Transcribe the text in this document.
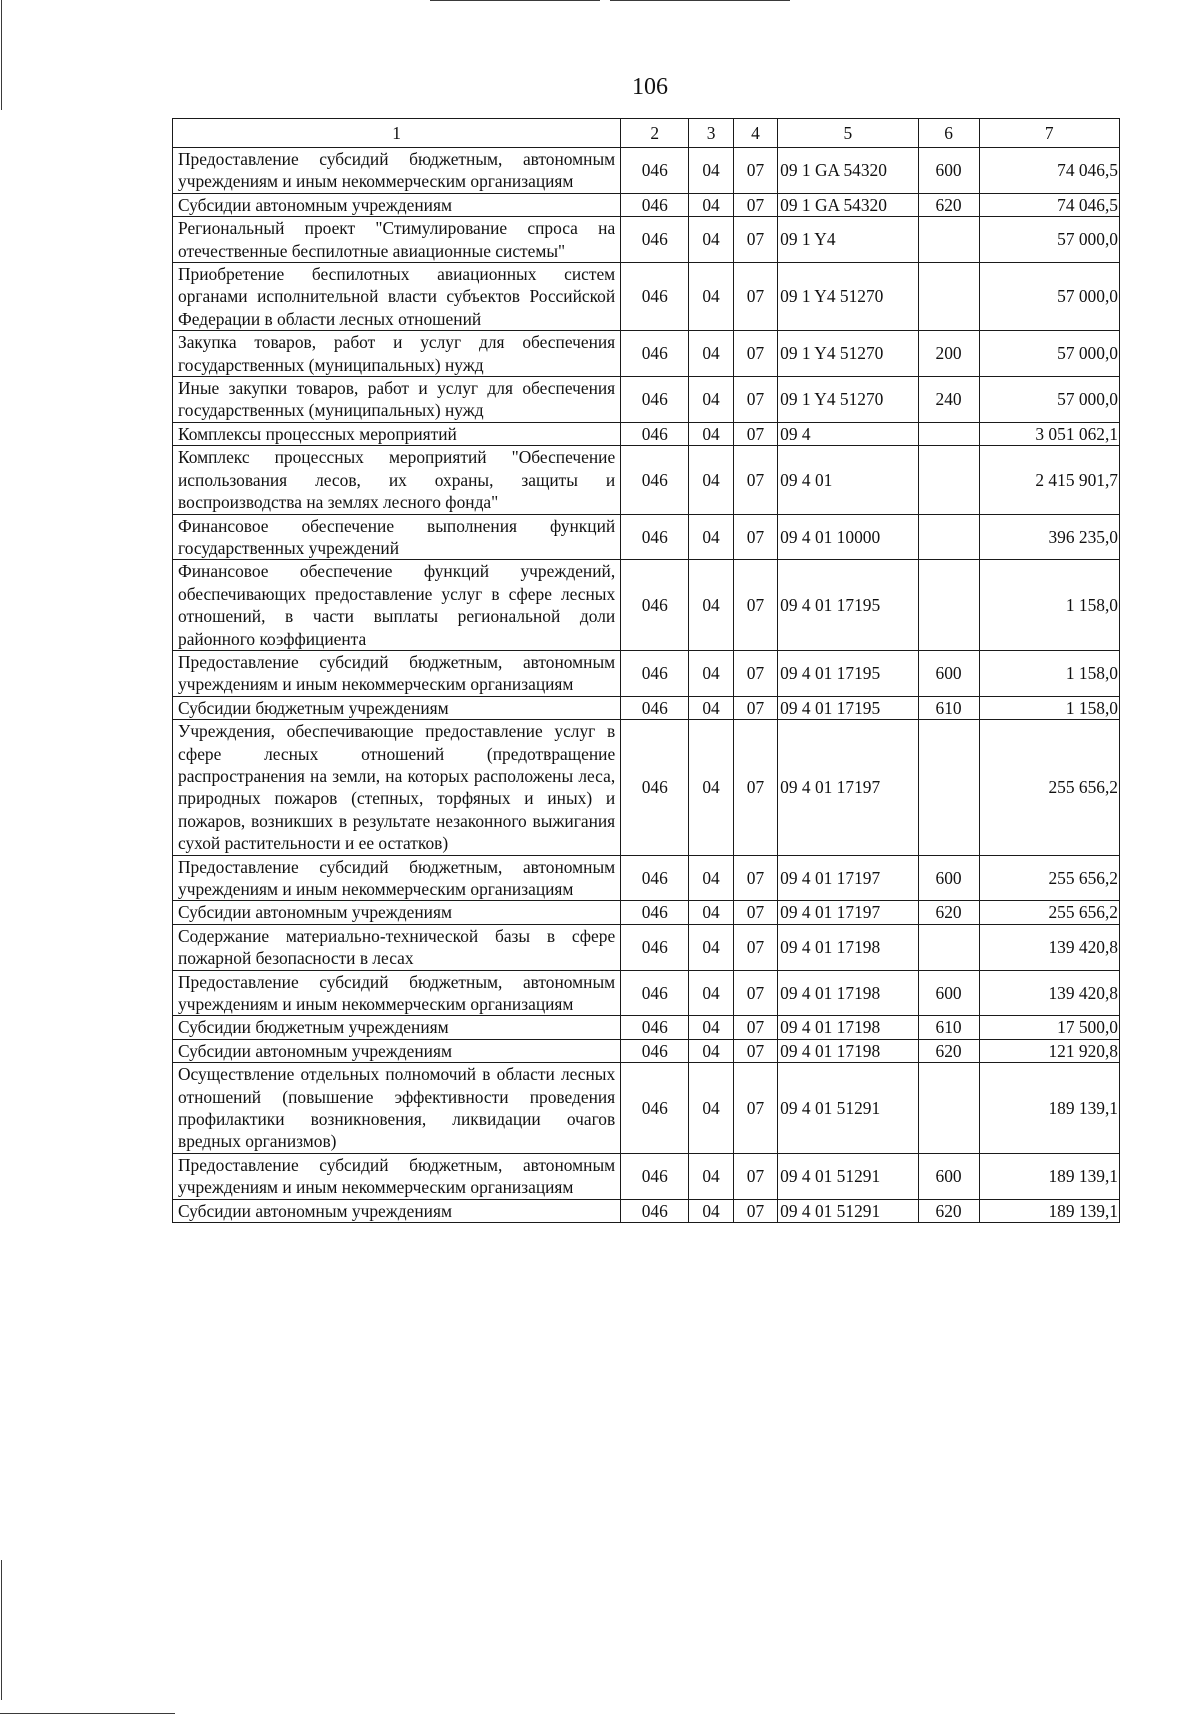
106
1	2	3	4	5	6	7
Предоставление субсидий бюджетным, автономным учреждениям и иным некоммерческим организациям	046	04	07	09 1 GA 54320	600	74 046,5
Субсидии автономным учреждениям	046	04	07	09 1 GA 54320	620	74 046,5
Региональный проект "Стимулирование спроса на отечественные беспилотные авиационные системы"	046	04	07	09 1 Y4		57 000,0
Приобретение беспилотных авиационных систем органами исполнительной власти субъектов Российской Федерации в области лесных отношений	046	04	07	09 1 Y4 51270		57 000,0
Закупка товаров, работ и услуг для обеспечения государственных (муниципальных) нужд	046	04	07	09 1 Y4 51270	200	57 000,0
Иные закупки товаров, работ и услуг для обеспечения государственных (муниципальных) нужд	046	04	07	09 1 Y4 51270	240	57 000,0
Комплексы процессных мероприятий	046	04	07	09 4		3 051 062,1
Комплекс процессных мероприятий "Обеспечение использования лесов, их охраны, защиты и воспроизводства на землях лесного фонда"	046	04	07	09 4 01		2 415 901,7
Финансовое обеспечение выполнения функций государственных учреждений	046	04	07	09 4 01 10000		396 235,0
Финансовое обеспечение функций учреждений, обеспечивающих предоставление услуг в сфере лесных отношений, в части выплаты региональной доли районного коэффициента	046	04	07	09 4 01 17195		1 158,0
Предоставление субсидий бюджетным, автономным учреждениям и иным некоммерческим организациям	046	04	07	09 4 01 17195	600	1 158,0
Субсидии бюджетным учреждениям	046	04	07	09 4 01 17195	610	1 158,0
Учреждения, обеспечивающие предоставление услуг в сфере лесных отношений (предотвращение распространения на земли, на которых расположены леса, природных пожаров (степных, торфяных и иных) и пожаров, возникших в результате незаконного выжигания сухой растительности и ее остатков)	046	04	07	09 4 01 17197		255 656,2
Предоставление субсидий бюджетным, автономным учреждениям и иным некоммерческим организациям	046	04	07	09 4 01 17197	600	255 656,2
Субсидии автономным учреждениям	046	04	07	09 4 01 17197	620	255 656,2
Содержание материально-технической базы в сфере пожарной безопасности в лесах	046	04	07	09 4 01 17198		139 420,8
Предоставление субсидий бюджетным, автономным учреждениям и иным некоммерческим организациям	046	04	07	09 4 01 17198	600	139 420,8
Субсидии бюджетным учреждениям	046	04	07	09 4 01 17198	610	17 500,0
Субсидии автономным учреждениям	046	04	07	09 4 01 17198	620	121 920,8
Осуществление отдельных полномочий в области лесных отношений (повышение эффективности проведения профилактики возникновения, ликвидации очагов вредных организмов)	046	04	07	09 4 01 51291		189 139,1
Предоставление субсидий бюджетным, автономным учреждениям и иным некоммерческим организациям	046	04	07	09 4 01 51291	600	189 139,1
Субсидии автономным учреждениям	046	04	07	09 4 01 51291	620	189 139,1
